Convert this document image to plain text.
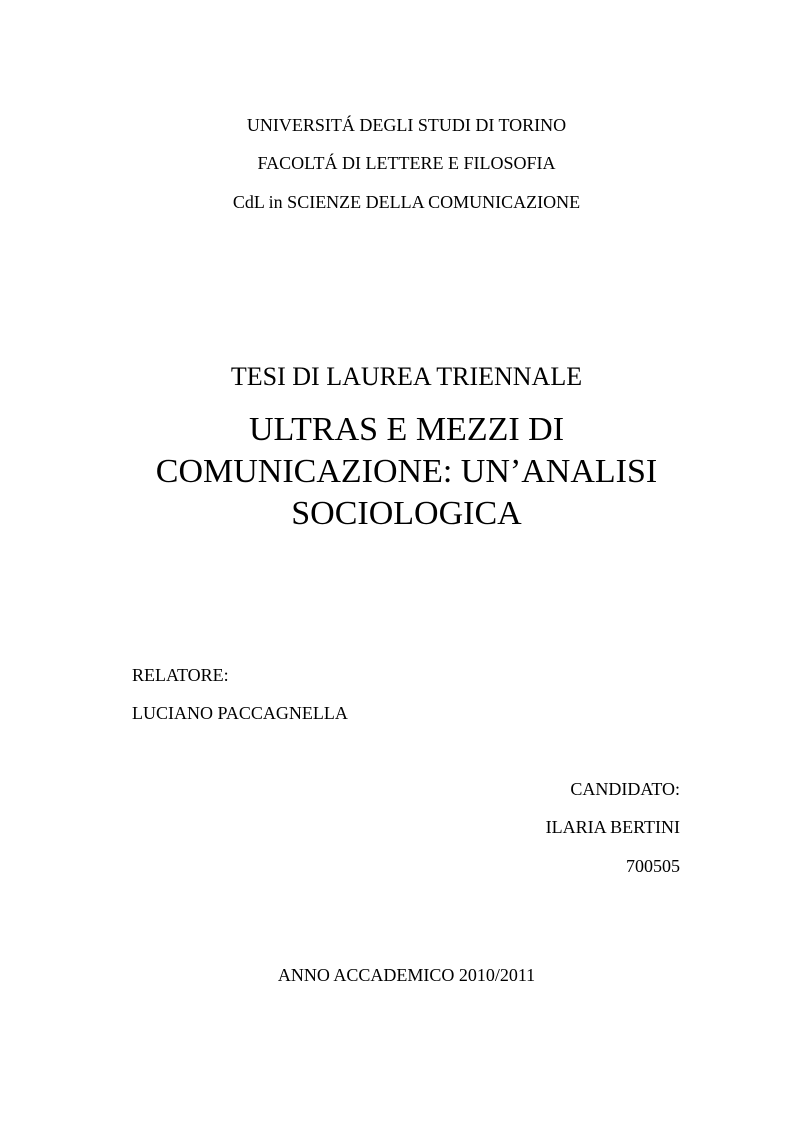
UNIVERSITÁ DEGLI STUDI DI TORINO
FACOLTÁ DI LETTERE E FILOSOFIA
CdL in SCIENZE DELLA COMUNICAZIONE
TESI DI LAUREA TRIENNALE
ULTRAS E MEZZI DI
COMUNICAZIONE: UN’ANALISI
SOCIOLOGICA
RELATORE:
LUCIANO PACCAGNELLA
CANDIDATO:
ILARIA BERTINI
700505
ANNO ACCADEMICO 2010/2011
